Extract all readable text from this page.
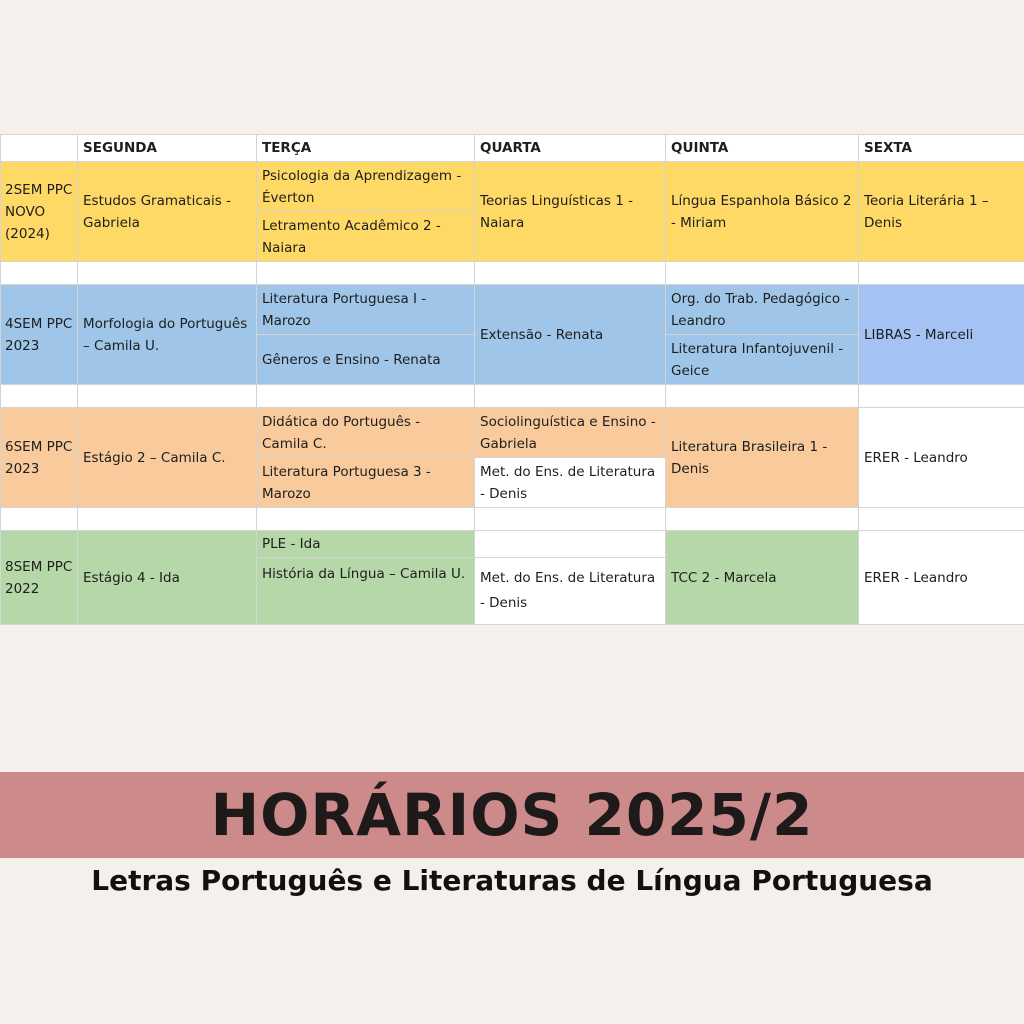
	SEGUNDA	TERÇA	QUARTA	QUINTA	SEXTA
2SEM PPC NOVO (2024)	Estudos Gramaticais - Gabriela	Psicologia da Aprendizagem - Éverton	Teorias Linguísticas 1 - Naiara	Língua Espanhola Básico 2 - Miriam	Teoria Literária 1 – Denis
		Letramento Acadêmico 2 - Naiara			

4SEM PPC 2023	Morfologia do Português – Camila U.	Literatura Portuguesa I - Marozo	Extensão - Renata	Org. do Trab. Pedagógico - Leandro	LIBRAS - Marceli
		Gêneros e Ensino - Renata		Literatura Infantojuvenil - Geice	

6SEM PPC 2023	Estágio 2 – Camila C.	Didática do Português - Camila C.	Sociolinguística e Ensino - Gabriela	Literatura Brasileira 1 - Denis	ERER - Leandro
		Literatura Portuguesa 3 - Marozo	Met. do Ens. de Literatura - Denis		

8SEM PPC 2022	Estágio 4 - Ida	PLE - Ida		TCC 2 - Marcela	ERER - Leandro
		História da Língua – Camila U.	Met. do Ens. de Literatura - Denis		
HORÁRIOS 2025/2
Letras Português e Literaturas de Língua Portuguesa
